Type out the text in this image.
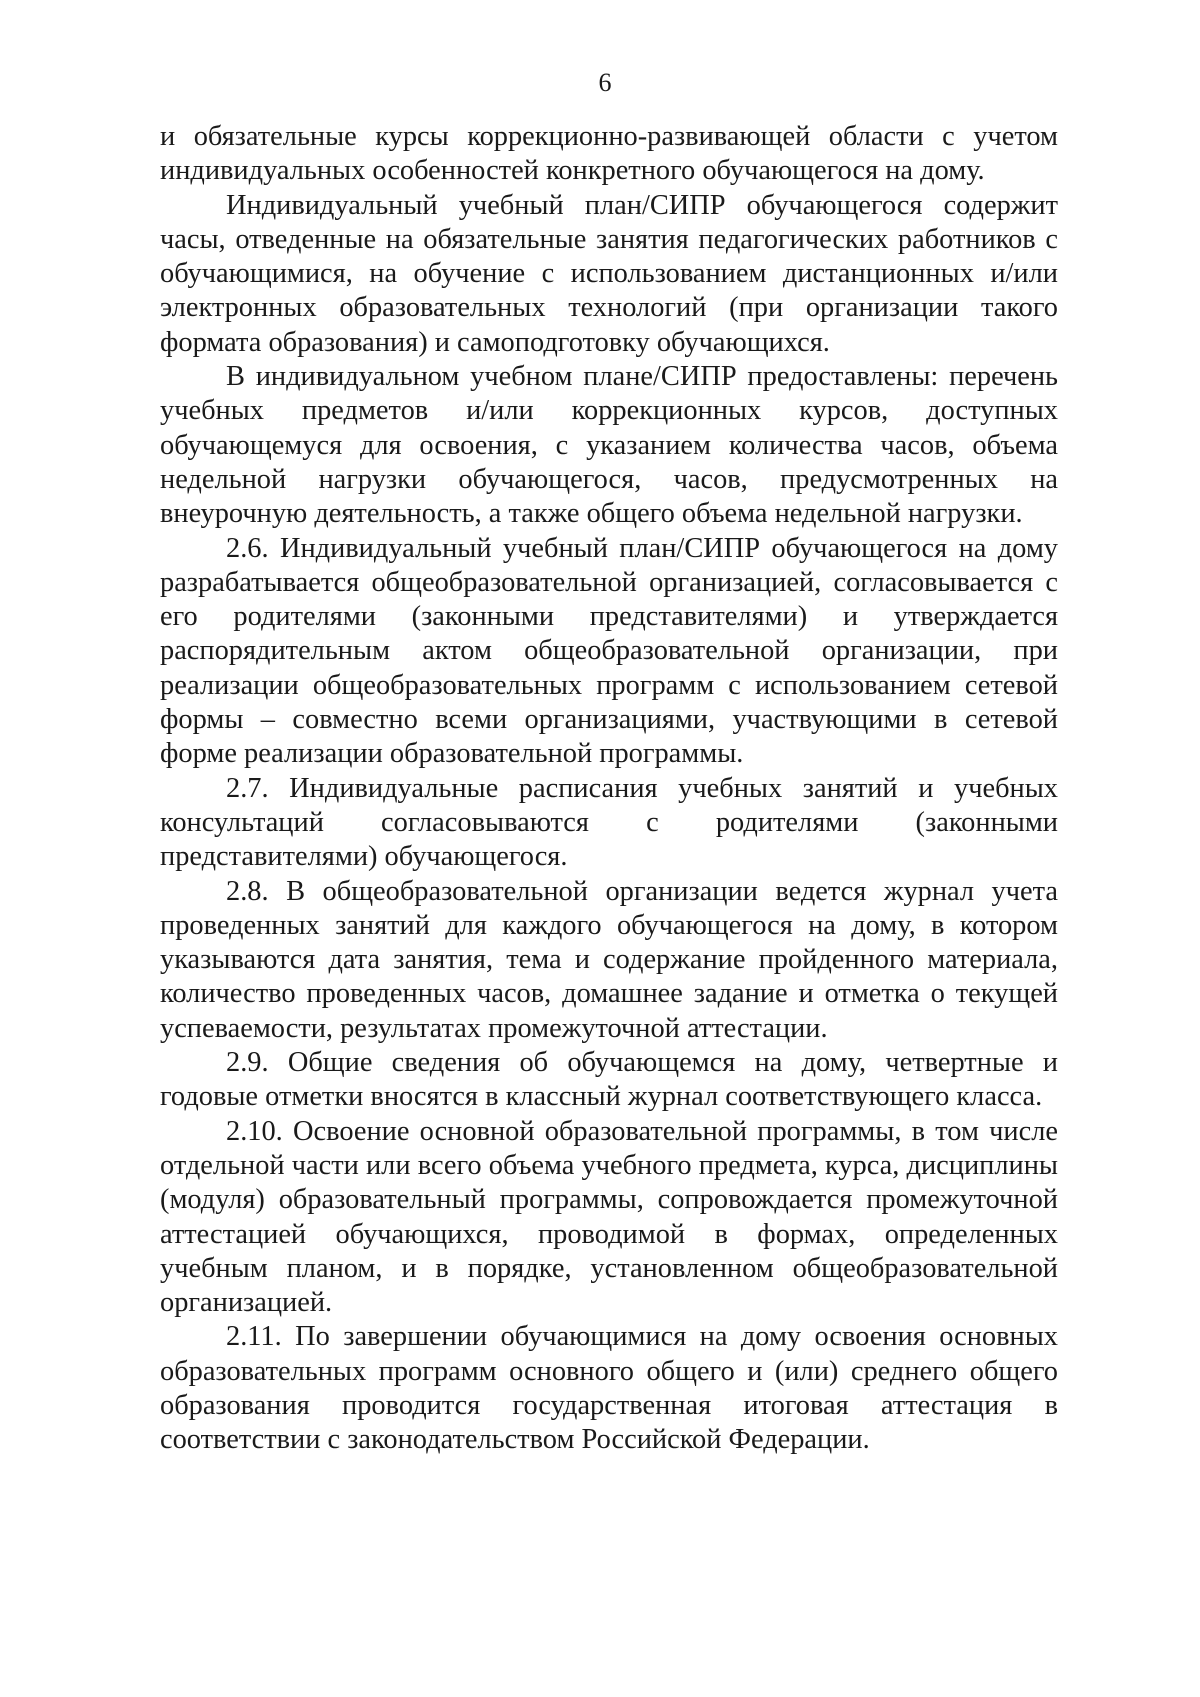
6

и обязательные курсы коррекционно-развивающей области с учетом индивидуальных особенностей конкретного обучающегося на дому.

Индивидуальный учебный план/СИПР обучающегося содержит часы, отведенные на обязательные занятия педагогических работников с обучающимися, на обучение с использованием дистанционных и/или электронных образовательных технологий (при организации такого формата образования) и самоподготовку обучающихся.

В индивидуальном учебном плане/СИПР предоставлены: перечень учебных предметов и/или коррекционных курсов, доступных обучающемуся для освоения, с указанием количества часов, объема недельной нагрузки обучающегося, часов, предусмотренных на внеурочную деятельность, а также общего объема недельной нагрузки.

2.6. Индивидуальный учебный план/СИПР обучающегося на дому разрабатывается общеобразовательной организацией, согласовывается с его родителями (законными представителями) и утверждается распорядительным актом общеобразовательной организации, при реализации общеобразовательных программ с использованием сетевой формы – совместно всеми организациями, участвующими в сетевой форме реализации образовательной программы.

2.7. Индивидуальные расписания учебных занятий и учебных консультаций согласовываются с родителями (законными представителями) обучающегося.

2.8. В общеобразовательной организации ведется журнал учета проведенных занятий для каждого обучающегося на дому, в котором указываются дата занятия, тема и содержание пройденного материала, количество проведенных часов, домашнее задание и отметка о текущей успеваемости, результатах промежуточной аттестации.

2.9. Общие сведения об обучающемся на дому, четвертные и годовые отметки вносятся в классный журнал соответствующего класса.

2.10. Освоение основной образовательной программы, в том числе отдельной части или всего объема учебного предмета, курса, дисциплины (модуля) образовательный программы, сопровождается промежуточной аттестацией обучающихся, проводимой в формах, определенных учебным планом, и в порядке, установленном общеобразовательной организацией.

2.11. По завершении обучающимися на дому освоения основных образовательных программ основного общего и (или) среднего общего образования проводится государственная итоговая аттестация в соответствии с законодательством Российской Федерации.
